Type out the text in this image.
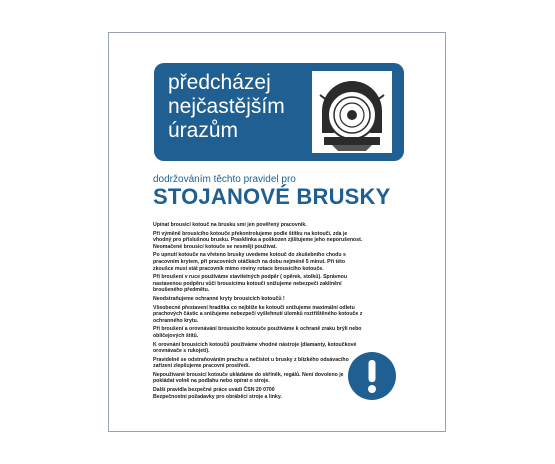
předcházej
nejčastějším
úrazům
dodržováním těchto pravidel pro
STOJANOVÉ BRUSKY

Upínat brousicí kotouč na brusku smí jen pověřený pracovník.

Při výměně brousicího kotouče překontrolujeme podle štítku na kotouči, zda je vhodný pro příslušnou brusku. Prasklinka a poškozen zjištujeme jeho neporušenost. Neomačené brousicí kotouče se nesmějí používat.

Po upnutí kotouče na vřeteno brusky uvedeme kotouč do zkušebního chodu s pracovním krytem, při pracovních otáčkách na dobu nejméně 5 minut. Při této zkoušce musí stát pracovník mimo roviny rotace brousicího kotouče.

Při broušení v ruce používáme stavitelných podpěr ( opěrek, stolků). Správnou nastavenou podpěru vůči brousicímu kotouči snižujeme nebezpečí zaklínění broušeného předmětu.

Neodstraňujeme ochranné kryty brousicích kotoučů !

Všeobecné přestavení hradítka co nejblíže ke kotouči snižujeme maximální odletu prachových částic a snižujeme nebezpečí vyšlehnutí úlomků roztříštěného kotouče z ochranného krytu.

Při broušení a orovnávání brousicího kotouče používáme k ochraně zraku brýlí nebo obličejových štítů.

K orovnání brousicích kotoučů používáme vhodné nástroje (diamanty, kotoučkové orovnávače s rukojetí).

Pravidelně se odstraňováním prachu a nečistot u brusky z blízkého odsávacího zařízení zlepšujeme pracovní prostředí.

Nepoužívané brousicí kotouče ukládáme do skříněk, regálů. Není dovoleno je pokládat volně na podlahu nebo opírat o stroje.

Další pravidla bezpečné práce uvádí ČSN 20 0700

Bezpečnostní požadavky pro obráběcí stroje a linky.
